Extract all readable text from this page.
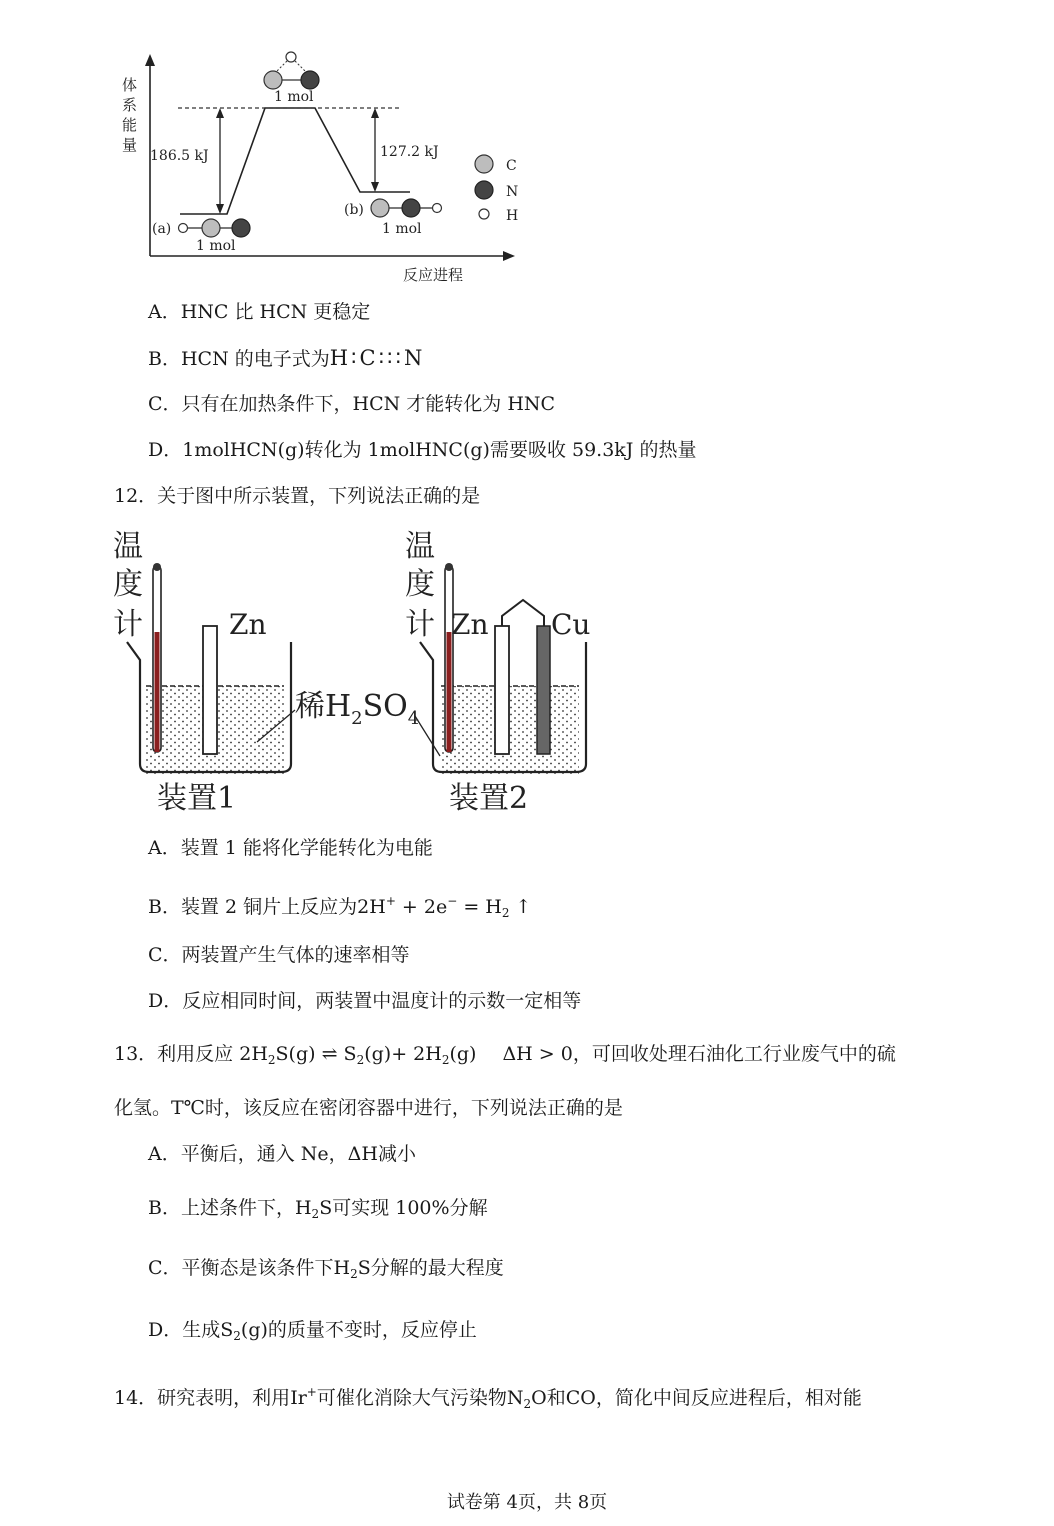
体
系
能
量
反应进程
186.5 kJ	127.2 kJ
1 mol
(a)
1 mol
(b)
1 mol
C
N
H
A．HNC 比 HCN 更稳定
B．HCN 的电子式为H∶C∶∶∶N
C．只有在加热条件下，HCN 才能转化为 HNC
D．1molHCN(g)转化为 1molHNC(g)需要吸收 59.3kJ 的热量
12．关于图中所示装置，下列说法正确的是
温
度
计	Zn
装置1
稀$H_2SO_4$
温
度
计 Zn Cu
装置2
A．装置 1 能将化学能转化为电能
B．装置 2 铜片上反应为$2H^+ + 2e^- = H_2$ ↑
C．两装置产生气体的速率相等
D．反应相同时间，两装置中温度计的示数一定相等
13．利用反应 $2H_2S(g)$ ⇌ $S_2(g)+ 2H_2(g) \Delta H > 0$，可回收处理石油化工行业废气中的硫
化氢。T℃时，该反应在密闭容器中进行，下列说法正确的是
A．平衡后，通入 Ne，ΔH减小
B．上述条件下，$H_2S$可实现 100%分解
C．平衡态是该条件下$H_2S$分解的最大程度
D．生成$S_2(g)$的质量不变时，反应停止
14．研究表明，利用Ir+可催化消除大气污染物$N_2O$和CO，简化中间反应进程后，相对能
试卷第 4页，共 8页
